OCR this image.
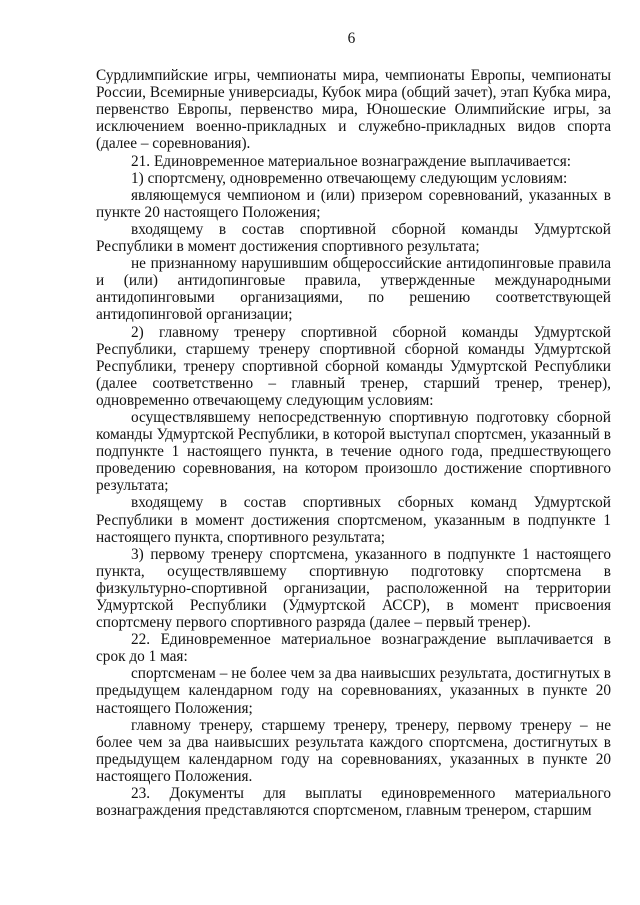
6

Сурдлимпийские игры, чемпионаты мира, чемпионаты Европы, чемпионаты России, Всемирные универсиады, Кубок мира (общий зачет), этап Кубка мира, первенство Европы, первенство мира, Юношеские Олимпийские игры, за исключением военно-прикладных и служебно-прикладных видов спорта (далее – соревнования).

21. Единовременное материальное вознаграждение выплачивается:

1) спортсмену, одновременно отвечающему следующим условиям:

являющемуся чемпионом и (или) призером соревнований, указанных в пункте 20 настоящего Положения;

входящему в состав спортивной сборной команды Удмуртской Республики в момент достижения спортивного результата;

не признанному нарушившим общероссийские антидопинговые правила и (или) антидопинговые правила, утвержденные международными антидопинговыми организациями, по решению соответствующей антидопинговой организации;

2) главному тренеру спортивной сборной команды Удмуртской Республики, старшему тренеру спортивной сборной команды Удмуртской Республики, тренеру спортивной сборной команды Удмуртской Республики (далее соответственно – главный тренер, старший тренер, тренер), одновременно отвечающему следующим условиям:

осуществлявшему непосредственную спортивную подготовку сборной команды Удмуртской Республики, в которой выступал спортсмен, указанный в подпункте 1 настоящего пункта, в течение одного года, предшествующего проведению соревнования, на котором произошло достижение спортивного результата;

входящему в состав спортивных сборных команд Удмуртской Республики в момент достижения спортсменом, указанным в подпункте 1 настоящего пункта, спортивного результата;

3) первому тренеру спортсмена, указанного в подпункте 1 настоящего пункта, осуществлявшему спортивную подготовку спортсмена в физкультурно-спортивной организации, расположенной на территории Удмуртской Республики (Удмуртской АССР), в момент присвоения спортсмену первого спортивного разряда (далее – первый тренер).

22. Единовременное материальное вознаграждение выплачивается в срок до 1 мая:

спортсменам – не более чем за два наивысших результата, достигнутых в предыдущем календарном году на соревнованиях, указанных в пункте 20 настоящего Положения;

главному тренеру, старшему тренеру, тренеру, первому тренеру – не более чем за два наивысших результата каждого спортсмена, достигнутых в предыдущем календарном году на соревнованиях, указанных в пункте 20 настоящего Положения.

23. Документы для выплаты единовременного материального вознаграждения представляются спортсменом, главным тренером, старшим
